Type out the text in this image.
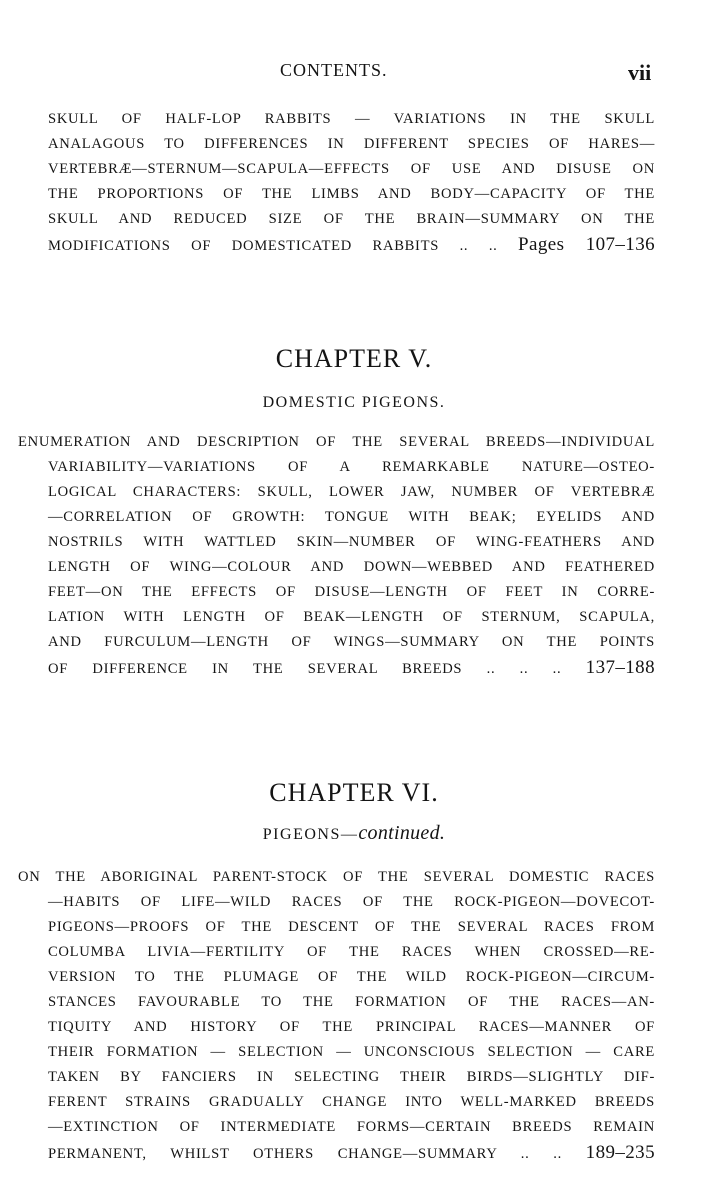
CONTENTS.	vii
SKULL OF HALF-LOP RABBITS — VARIATIONS IN THE SKULL
ANALAGOUS TO DIFFERENCES IN DIFFERENT SPECIES OF HARES—
VERTEBRÆ—STERNUM—SCAPULA—EFFECTS OF USE AND DISUSE ON
THE PROPORTIONS OF THE LIMBS AND BODY—CAPACITY OF THE
SKULL AND REDUCED SIZE OF THE BRAIN—SUMMARY ON THE
MODIFICATIONS OF DOMESTICATED RABBITS .. .. Pages 107–136
CHAPTER V.
DOMESTIC PIGEONS.
ENUMERATION AND DESCRIPTION OF THE SEVERAL BREEDS—INDIVIDUAL
VARIABILITY—VARIATIONS OF A REMARKABLE NATURE—OSTEO-
LOGICAL CHARACTERS: SKULL, LOWER JAW, NUMBER OF VERTEBRÆ
—CORRELATION OF GROWTH: TONGUE WITH BEAK; EYELIDS AND
NOSTRILS WITH WATTLED SKIN—NUMBER OF WING-FEATHERS AND
LENGTH OF WING—COLOUR AND DOWN—WEBBED AND FEATHERED
FEET—ON THE EFFECTS OF DISUSE—LENGTH OF FEET IN CORRE-
LATION WITH LENGTH OF BEAK—LENGTH OF STERNUM, SCAPULA,
AND FURCULUM—LENGTH OF WINGS—SUMMARY ON THE POINTS
OF DIFFERENCE IN THE SEVERAL BREEDS .. .. .. 137–188
CHAPTER VI.
PIGEONS—continued.
ON THE ABORIGINAL PARENT-STOCK OF THE SEVERAL DOMESTIC RACES
—HABITS OF LIFE—WILD RACES OF THE ROCK-PIGEON—DOVECOT-
PIGEONS—PROOFS OF THE DESCENT OF THE SEVERAL RACES FROM
COLUMBA LIVIA—FERTILITY OF THE RACES WHEN CROSSED—RE-
VERSION TO THE PLUMAGE OF THE WILD ROCK-PIGEON—CIRCUM-
STANCES FAVOURABLE TO THE FORMATION OF THE RACES—AN-
TIQUITY AND HISTORY OF THE PRINCIPAL RACES—MANNER OF
THEIR FORMATION — SELECTION — UNCONSCIOUS SELECTION — CARE
TAKEN BY FANCIERS IN SELECTING THEIR BIRDS—SLIGHTLY DIF-
FERENT STRAINS GRADUALLY CHANGE INTO WELL-MARKED BREEDS
—EXTINCTION OF INTERMEDIATE FORMS—CERTAIN BREEDS REMAIN
PERMANENT, WHILST OTHERS CHANGE—SUMMARY .. .. 189–235
